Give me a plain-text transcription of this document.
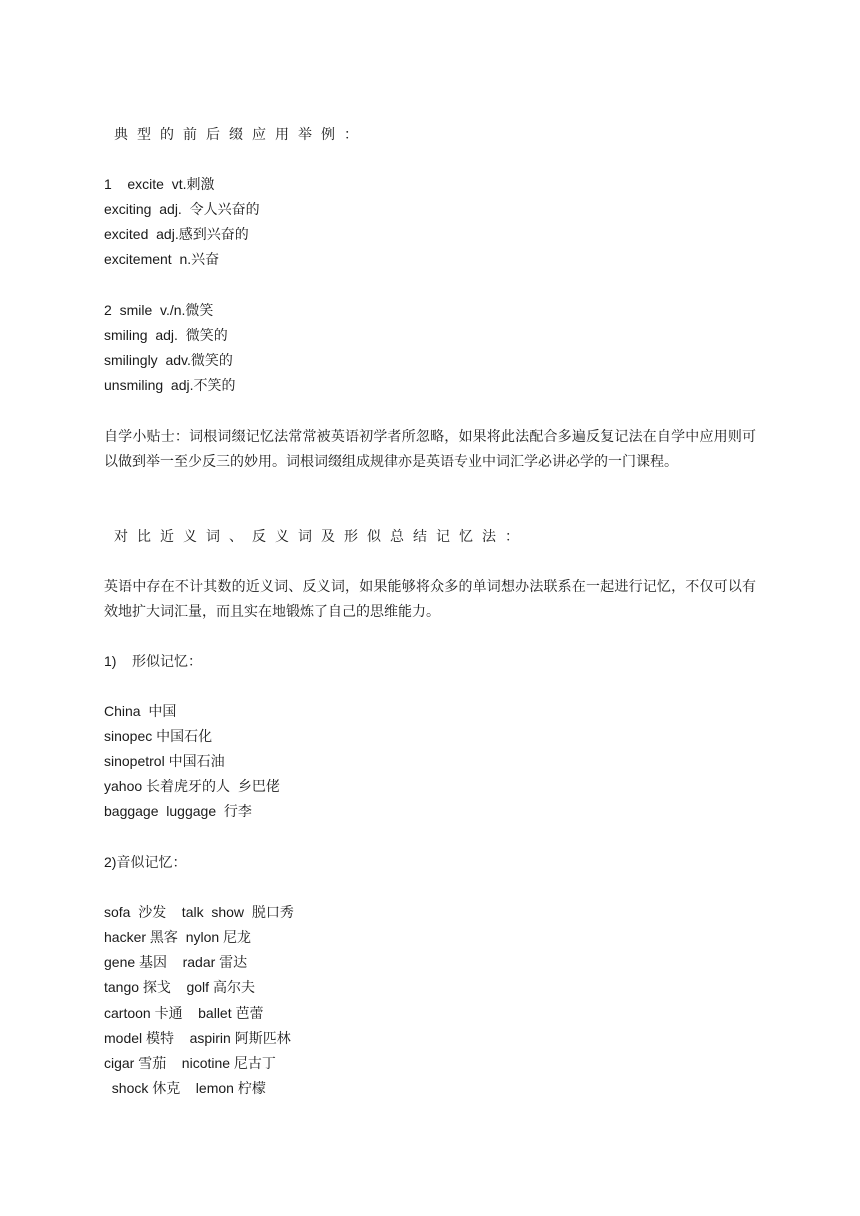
典型的前后缀应用举例：
1    excite  vt.刺激
exciting  adj.  令人兴奋的
excited  adj.感到兴奋的
excitement  n.兴奋
2  smile  v./n.微笑
smiling  adj.  微笑的
smilingly  adv.微笑的
unsmiling  adj.不笑的
自学小贴士：词根词缀记忆法常常被英语初学者所忽略，如果将此法配合多遍反复记法在自学中应用则可以做到举一至少反三的妙用。词根词缀组成规律亦是英语专业中词汇学必讲必学的一门课程。
对比近义词、反义词及形似总结记忆法：
英语中存在不计其数的近义词、反义词，如果能够将众多的单词想办法联系在一起进行记忆，不仅可以有效地扩大词汇量，而且实在地锻炼了自己的思维能力。
1)    形似记忆：
China  中国
sinopec 中国石化
sinopetrol 中国石油
yahoo 长着虎牙的人  乡巴佬
baggage  luggage  行李
2)音似记忆：
sofa  沙发    talk  show  脱口秀
hacker 黑客  nylon 尼龙
gene 基因    radar 雷达
tango 探戈    golf 高尔夫
cartoon 卡通    ballet 芭蕾
model 模特    aspirin 阿斯匹林
cigar 雪茄    nicotine 尼古丁
shock 休克    lemon 柠檬
